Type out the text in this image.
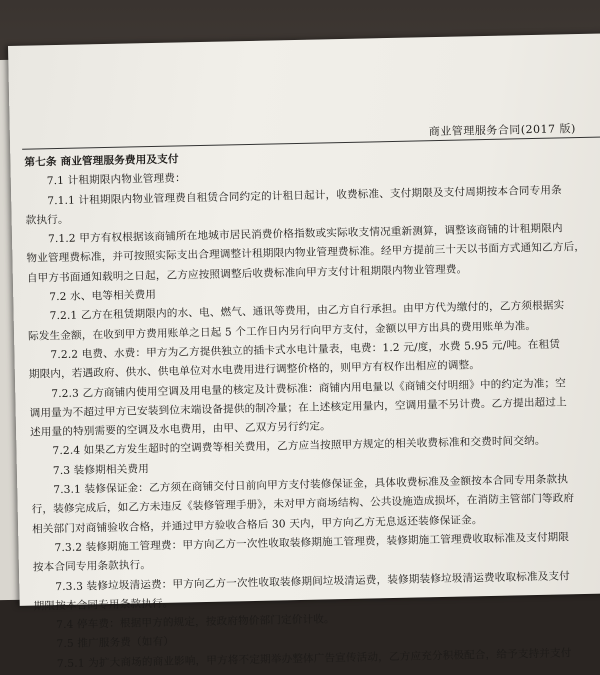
商业管理服务合同(2017 版)
第七条 商业管理服务费用及支付
7.1 计租期限内物业管理费：
7.1.1 计租期限内物业管理费自租赁合同约定的计租日起计，收费标准、支付期限及支付周期按本合同专用条
款执行。
7.1.2 甲方有权根据该商铺所在地城市居民消费价格指数或实际收支情况重新测算，调整该商铺的计租期限内
物业管理费标准，并可按照实际支出合理调整计租期限内物业管理费标准。经甲方提前三十天以书面方式通知乙方后，
自甲方书面通知载明之日起，乙方应按照调整后收费标准向甲方支付计租期限内物业管理费。
7.2 水、电等相关费用
7.2.1 乙方在租赁期限内的水、电、燃气、通讯等费用，由乙方自行承担。由甲方代为缴付的，乙方须根据实
际发生金额，在收到甲方费用账单之日起 5 个工作日内另行向甲方支付，金额以甲方出具的费用账单为准。
7.2.2 电费、水费：甲方为乙方提供独立的插卡式水电计量表，电费：1.2 元/度，水费 5.95 元/吨。在租赁
期限内，若遇政府、供水、供电单位对水电费用进行调整价格的，则甲方有权作出相应的调整。
7.2.3 乙方商铺内使用空调及用电量的核定及计费标准：商铺内用电量以《商铺交付明细》中的约定为准；空
调用量为不超过甲方已安装到位末端设备提供的制冷量；在上述核定用量内，空调用量不另计费。乙方提出超过上
述用量的特别需要的空调及水电费用，由甲、乙双方另行约定。
7.2.4 如果乙方发生超时的空调费等相关费用，乙方应当按照甲方规定的相关收费标准和交费时间交纳。
7.3 装修期相关费用
7.3.1 装修保证金：乙方须在商铺交付日前向甲方支付装修保证金，具体收费标准及金额按本合同专用条款执
行，装修完成后，如乙方未违反《装修管理手册》，未对甲方商场结构、公共设施造成损坏，在消防主管部门等政府
相关部门对商铺验收合格，并通过甲方验收合格后 30 天内，甲方向乙方无息返还装修保证金。
7.3.2 装修期施工管理费：甲方向乙方一次性收取装修期施工管理费，装修期施工管理费收取标准及支付期限
按本合同专用条款执行。
7.3.3 装修垃圾清运费：甲方向乙方一次性收取装修期间垃圾清运费，装修期装修垃圾清运费收取标准及支付
期限按本合同专用条款执行。
7.4 停车费：根据甲方的规定，按政府物价部门定价计收。
7.5 推广服务费（如有）
7.5.1 为扩大商场的商业影响，甲方将不定期举办整体广告宣传活动，乙方应充分积极配合，给予支持并支付
